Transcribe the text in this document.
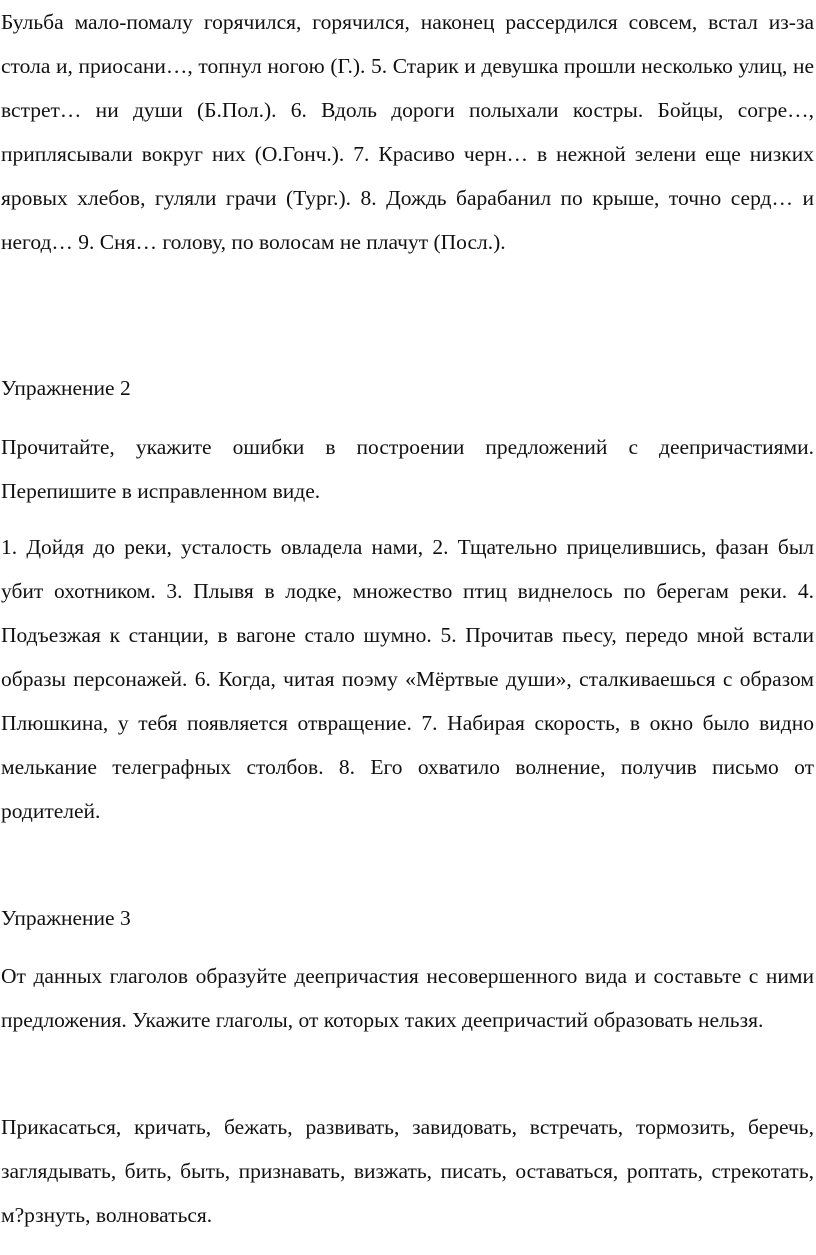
Бульба мало-помалу горячился, горячился, наконец рассердился совсем, встал из-за стола и, приосани…, топнул ногою (Г.). 5. Старик и девушка прошли несколько улиц, не встрет… ни души (Б.Пол.). 6. Вдоль дороги полыхали костры. Бойцы, согре…, приплясывали вокруг них (О.Гонч.). 7. Красиво черн… в нежной зелени еще низких яровых хлебов, гуляли грачи (Тург.). 8. Дождь барабанил по крыше, точно серд… и негод… 9. Сня… голову, по волосам не плачут (Посл.).

Упражнение 2

Прочитайте, укажите ошибки в построении предложений с деепричастиями. Перепишите в исправленном виде.

1. Дойдя до реки, усталость овладела нами, 2. Тщательно прицелившись, фазан был убит охотником. 3. Плывя в лодке, множество птиц виднелось по берегам реки. 4. Подъезжая к станции, в вагоне стало шумно. 5. Прочитав пьесу, передо мной встали образы персонажей. 6. Когда, читая поэму «Мёртвые души», сталкиваешься с образом Плюшкина, у тебя появляется отвращение. 7. Набирая скорость, в окно было видно мелькание телеграфных столбов. 8. Его охватило волнение, получив письмо от родителей.

Упражнение 3

От данных глаголов образуйте деепричастия несовершенного вида и составьте с ними предложения. Укажите глаголы, от которых таких деепричастий образовать нельзя.

Прикасаться, кричать, бежать, развивать, завидовать, встречать, тормозить, беречь, заглядывать, бить, быть, признавать, визжать, писать, оставаться, роптать, стрекотать, м?рзнуть, волноваться.
